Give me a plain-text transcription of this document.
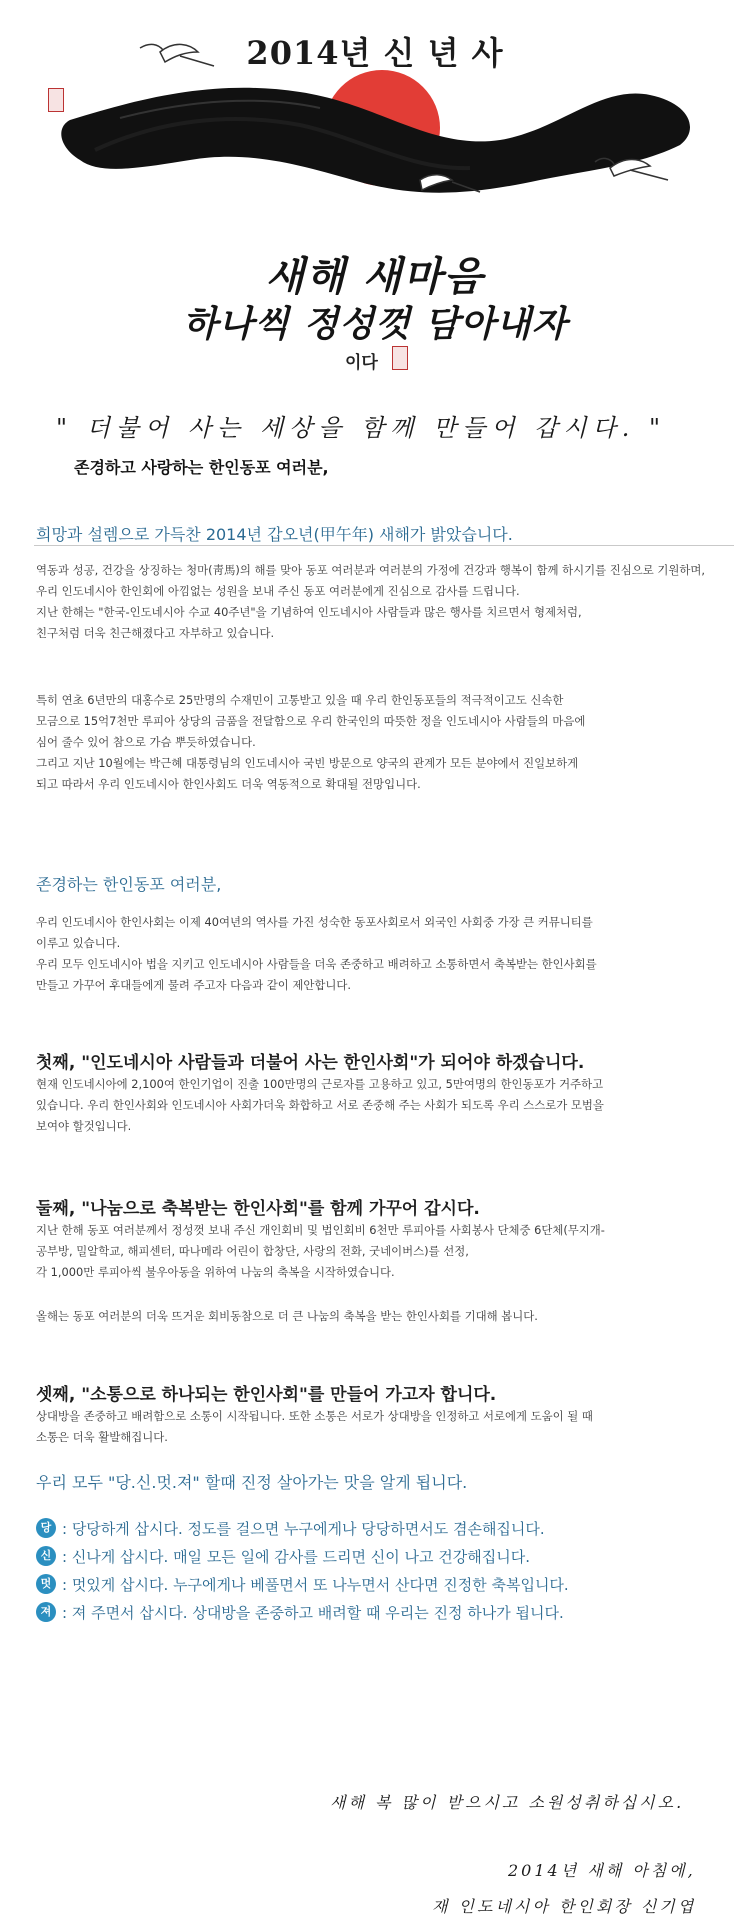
2014년 신 년 사
새해 새마음
하나씩 정성껏 담아내자
이다
" 더불어 사는 세상을 함께 만들어 갑시다. "
존경하고 사랑하는 한인동포 여러분,
희망과 설렘으로 가득찬 2014년 갑오년(甲午年) 새해가 밝았습니다.

역동과 성공, 건강을 상징하는 청마(靑馬)의 해를 맞아 동포 여러분과 여러분의 가정에 건강과 행복이 함께 하시기를 진심으로 기원하며,

우리 인도네시아 한인회에 아낌없는 성원을 보내 주신 동포 여러분에게 진심으로 감사를 드립니다.

지난 한해는 "한국-인도네시아 수교 40주년"을 기념하여 인도네시아 사람들과 많은 행사를 치르면서 형제처럼,

친구처럼 더욱 친근해졌다고 자부하고 있습니다.

특히 연초 6년만의 대홍수로 25만명의 수재민이 고통받고 있을 때 우리 한인동포들의 적극적이고도 신속한

모금으로 15억7천만 루피아 상당의 금품을 전달함으로 우리 한국인의 따뜻한 정을 인도네시아 사람들의 마음에

심어 줄수 있어 참으로 가슴 뿌듯하였습니다.

그리고 지난 10월에는 박근혜 대통령님의 인도네시아 국빈 방문으로 양국의 관계가 모든 분야에서 진일보하게

되고 따라서 우리 인도네시아 한인사회도 더욱 역동적으로 확대될 전망입니다.

존경하는 한인동포 여러분,

우리 인도네시아 한인사회는 이제 40여년의 역사를 가진 성숙한 동포사회로서 외국인 사회중 가장 큰 커뮤니티를

이루고 있습니다.

우리 모두 인도네시아 법을 지키고 인도네시아 사람들을 더욱 존중하고 배려하고 소통하면서 축복받는 한인사회를

만들고 가꾸어 후대들에게 물려 주고자 다음과 같이 제안합니다.

첫째, "인도네시아 사람들과 더불어 사는 한인사회"가 되어야 하겠습니다.

현재 인도네시아에 2,100여 한인기업이 진출 100만명의 근로자를 고용하고 있고, 5만여명의 한인동포가 거주하고

있습니다. 우리 한인사회와 인도네시아 사회가더욱 화합하고 서로 존중해 주는 사회가 되도록 우리 스스로가 모범을

보여야 할것입니다.

둘째, "나눔으로 축복받는 한인사회"를 함께 가꾸어 갑시다.

지난 한해 동포 여러분께서 정성껏 보내 주신 개인회비 및 법인회비 6천만 루피아를 사회봉사 단체중 6단체(무지개-

공부방, 밀알학교, 해피센터, 따나메라 어린이 합창단, 사랑의 전화, 굿네이버스)를 선정,

각 1,000만 루피아씩 불우아동을 위하여 나눔의 축복을 시작하였습니다.

올해는 동포 여러분의 더욱 뜨거운 회비동참으로 더 큰 나눔의 축복을 받는 한인사회를 기대해 봅니다.

셋째, "소통으로 하나되는 한인사회"를 만들어 가고자 합니다.

상대방을 존중하고 배려함으로 소통이 시작됩니다. 또한 소통은 서로가 상대방을 인정하고 서로에게 도움이 될 때

소통은 더욱 활발해집니다.

우리 모두 "당.신.멋.져" 할때 진정 살아가는 맛을 알게 됩니다.
당 : 당당하게 삽시다. 정도를 걸으면 누구에게나 당당하면서도 겸손해집니다.
신 : 신나게 삽시다. 매일 모든 일에 감사를 드리면 신이 나고 건강해집니다.
멋 : 멋있게 삽시다. 누구에게나 베풀면서 또 나누면서 산다면 진정한 축복입니다.
져 : 져 주면서 삽시다. 상대방을 존중하고 배려할 때 우리는 진정 하나가 됩니다.
새해 복 많이 받으시고 소원성취하십시오.
2014년 새해 아침에,
재 인도네시아 한인회장 신기엽
